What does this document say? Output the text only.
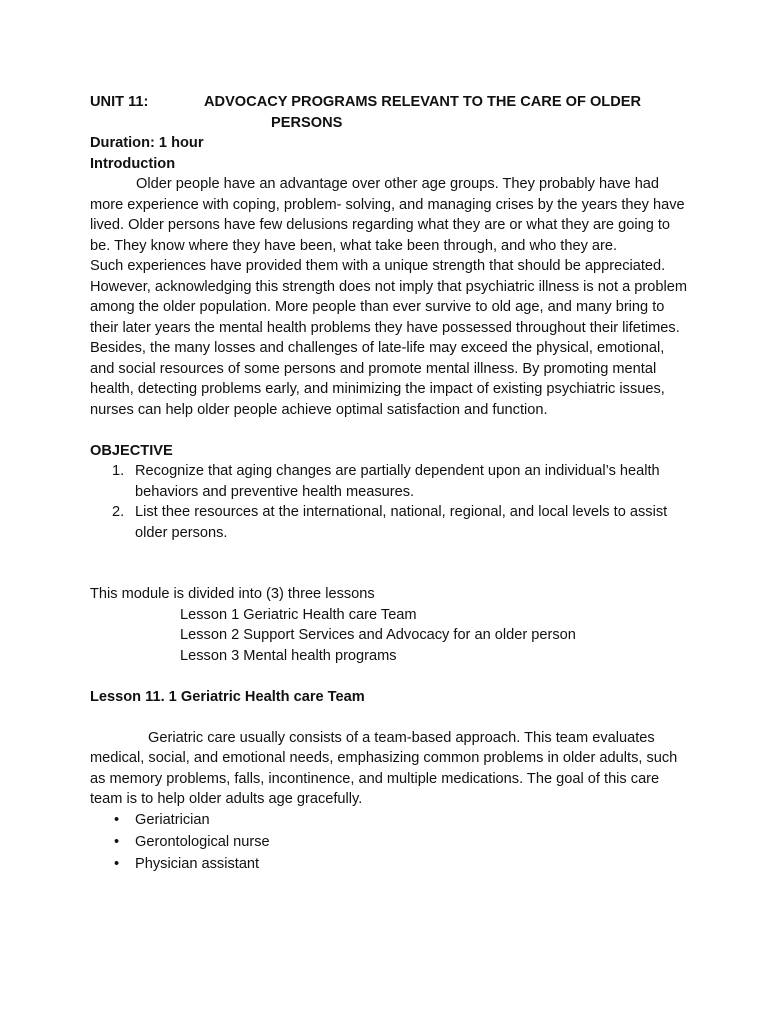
UNIT 11:	ADVOCACY PROGRAMS RELEVANT TO THE CARE OF OLDER
PERSONS
Duration: 1 hour
Introduction

Older people have an advantage over other age groups. They probably have had more experience with coping, problem- solving, and managing crises by the years they have lived. Older persons have few delusions regarding what they are or what they are going to be. They know where they have been, what take been through, and who they are.

Such experiences have provided them with a unique strength that should be appreciated. However, acknowledging this strength does not imply that psychiatric illness is not a problem among the older population. More people than ever survive to old age, and many bring to their later years the mental health problems they have possessed throughout their lifetimes. Besides, the many losses and challenges of late-life may exceed the physical, emotional, and social resources of some persons and promote mental illness. By promoting mental health, detecting problems early, and minimizing the impact of existing psychiatric issues, nurses can help older people achieve optimal satisfaction and function.

OBJECTIVE
1. Recognize that aging changes are partially dependent upon an individual’s health behaviors and preventive health measures.
2. List thee resources at the international, national, regional, and local levels to assist older persons.
This module is divided into (3) three lessons
Lesson 1 Geriatric Health care Team
Lesson 2 Support Services and Advocacy for an older person
Lesson 3 Mental health programs
Lesson 11. 1 Geriatric Health care Team

Geriatric care usually consists of a team-based approach. This team evaluates medical, social, and emotional needs, emphasizing common problems in older adults, such as memory problems, falls, incontinence, and multiple medications. The goal of this care team is to help older adults age gracefully.

• Geriatrician
• Gerontological nurse
• Physician assistant
